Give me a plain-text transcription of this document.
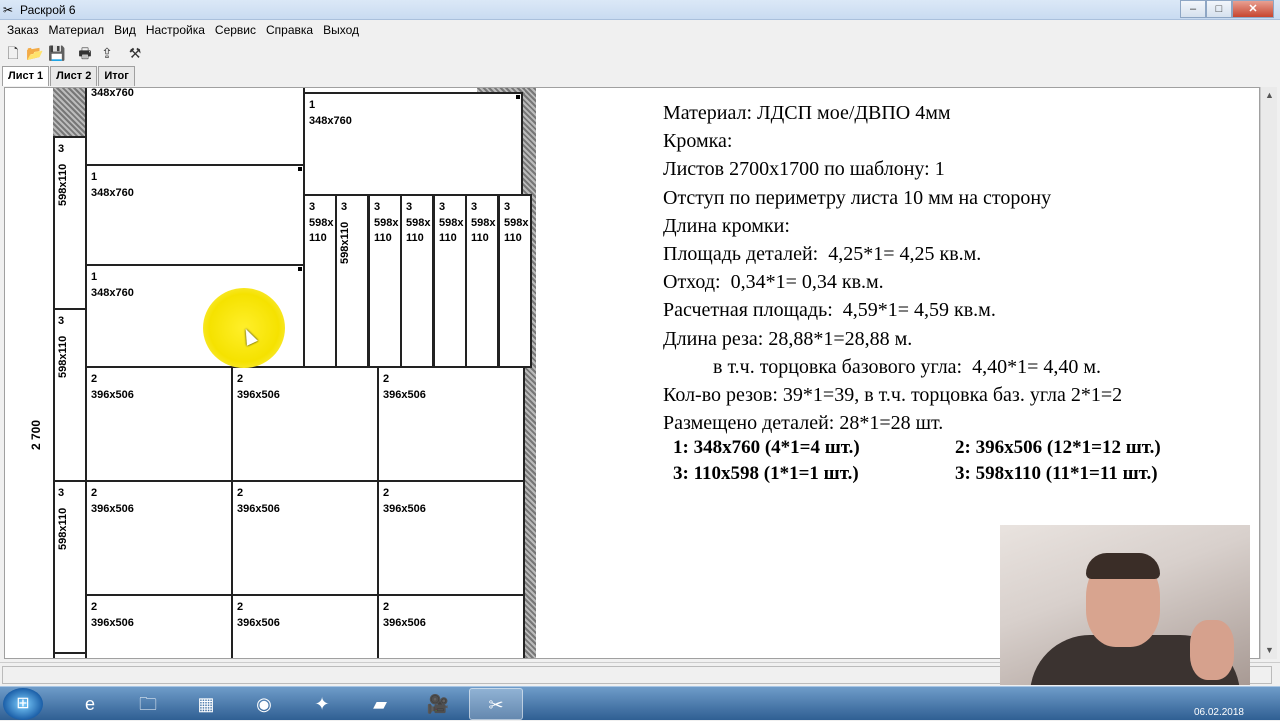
✂ Раскрой 6	–	□	✕
Заказ Материал Вид Настройка Сервис Справка Выход
🗋 📂 💾 🖶 ⇪ ⚒
Лист 1	Лист 2	Итог
2 700
3
598x110
3
598x110
3
598x110
348x760
1
348x760
1
348x760
1
348x760
3
598x
110
3
598x110
3
598x
110
3
598x
110
3
598x
110
3
598x
110
3
598x
110
2
396x506
2
396x506
2
396x506
2
396x506
2
396x506
2
396x506
2
396x506
2
396x506
2
396x506
Материал: ЛДСП мое/ДВПО 4мм
Кромка:
Листов 2700x1700 по шаблону: 1
Отступ по периметру листа 10 мм на сторону
Длина кромки:
Площадь деталей:  4,25*1= 4,25 кв.м.
Отход:  0,34*1= 0,34 кв.м.
Расчетная площадь:  4,59*1= 4,59 кв.м.
Длина реза: 28,88*1=28,88 м.
в т.ч. торцовка базового угла:  4,40*1= 4,40 м.
Кол-во резов: 39*1=39, в т.ч. торцовка баз. угла 2*1=2
Размещено деталей: 28*1=28 шт.
1: 348x760 (4*1=4 шт.)	2: 396x506 (12*1=12 шт.)
3: 110x598 (1*1=1 шт.)	3: 598x110 (11*1=11 шт.)
▲
▼
⊞	e	🗀	▦	◉	✦	▰	🎥	✂	06.02.2018
